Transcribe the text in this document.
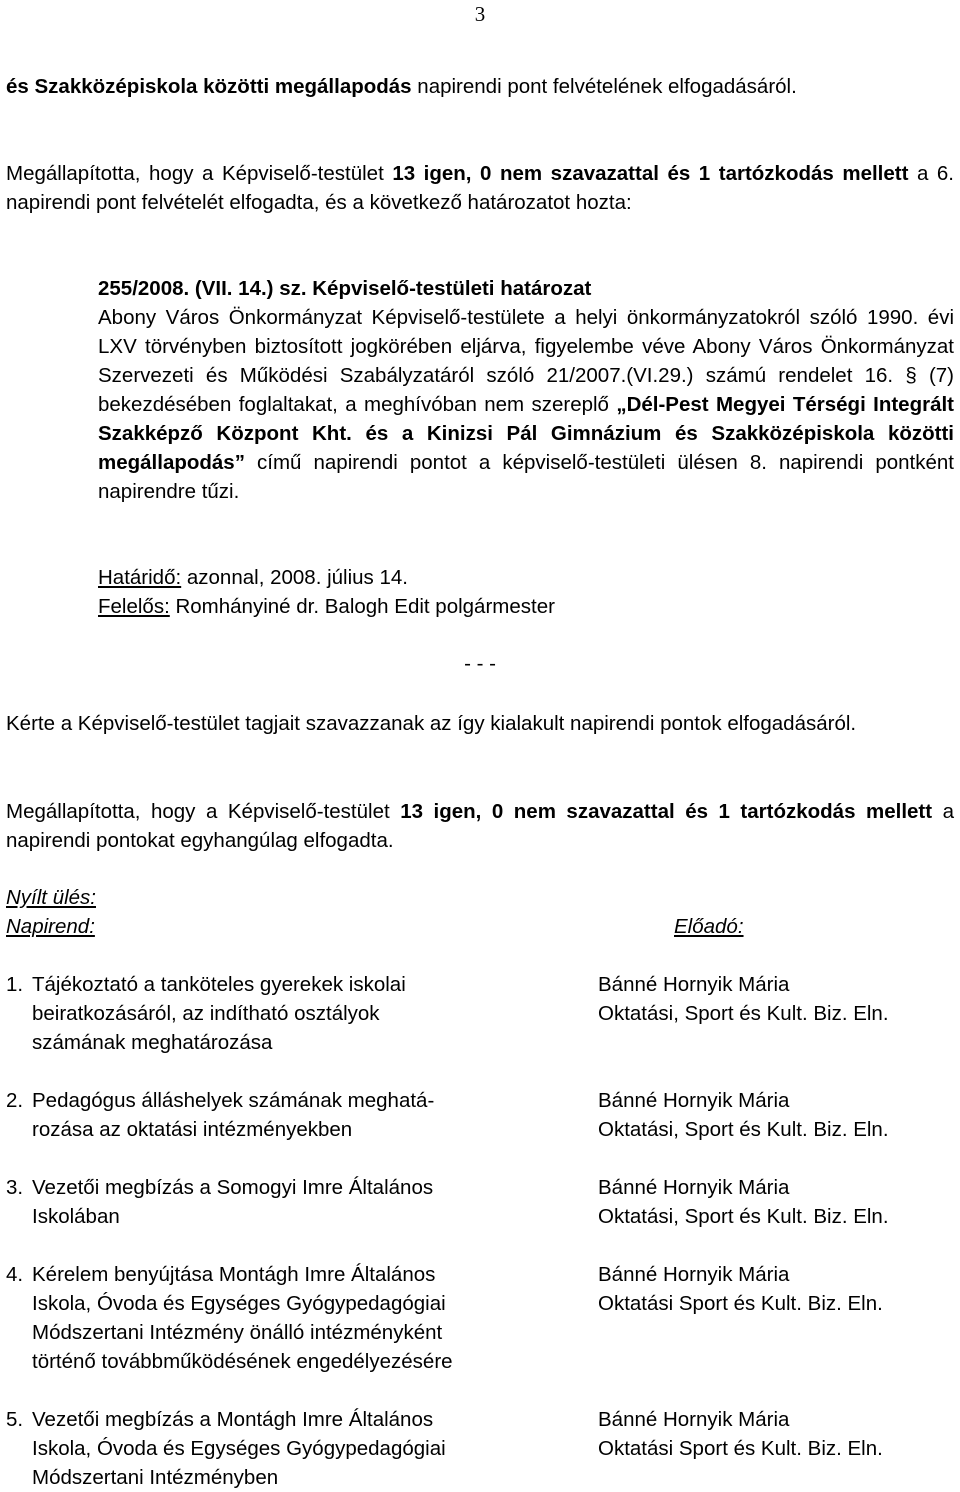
3
és Szakközépiskola közötti megállapodás napirendi pont felvételének elfogadásáról.
Megállapította, hogy a Képviselő-testület 13 igen, 0 nem szavazattal és 1 tartózkodás mellett a 6. napirendi pont felvételét elfogadta, és a következő határozatot hozta:
255/2008. (VII. 14.) sz. Képviselő-testületi határozat
Abony Város Önkormányzat Képviselő-testülete a helyi önkormányzatokról szóló 1990. évi LXV törvényben biztosított jogkörében eljárva, figyelembe véve Abony Város Önkormányzat Szervezeti és Működési Szabályzatáról szóló 21/2007.(VI.29.) számú rendelet 16. § (7) bekezdésében foglaltakat, a meghívóban nem szereplő „Dél-Pest Megyei Térségi Integrált Szakképző Központ Kht. és a Kinizsi Pál Gimnázium és Szakközépiskola közötti megállapodás” című napirendi pontot a képviselő-testületi ülésen 8. napirendi pontként napirendre tűzi.
Határidő: azonnal, 2008. július 14.
Felelős: Romhányiné dr. Balogh Edit polgármester
- - -
Kérte a Képviselő-testület tagjait szavazzanak az így kialakult napirendi pontok elfogadásáról.
Megállapította, hogy a Képviselő-testület 13 igen, 0 nem szavazattal és 1 tartózkodás mellett a napirendi pontokat egyhangúlag elfogadta.
Nyílt ülés:
Napirend:	Előadó:
1. Tájékoztató a tanköteles gyerekek iskolai
beiratkozásáról, az indítható osztályok
számának meghatározása
Bánné Hornyik Mária
Oktatási, Sport és Kult. Biz. Eln.
2. Pedagógus álláshelyek számának meghatá-
rozása az oktatási intézményekben
Bánné Hornyik Mária
Oktatási, Sport és Kult. Biz. Eln.
3. Vezetői megbízás a Somogyi Imre Általános
Iskolában
Bánné Hornyik Mária
Oktatási, Sport és Kult. Biz. Eln.
4. Kérelem benyújtása Montágh Imre Általános
Iskola, Óvoda és Egységes Gyógypedagógiai
Módszertani Intézmény önálló intézményként
történő továbbműködésének engedélyezésére
Bánné Hornyik Mária
Oktatási Sport és Kult. Biz. Eln.
5. Vezetői megbízás a Montágh Imre Általános
Iskola, Óvoda és Egységes Gyógypedagógiai
Módszertani Intézményben
Bánné Hornyik Mária
Oktatási Sport és Kult. Biz. Eln.
